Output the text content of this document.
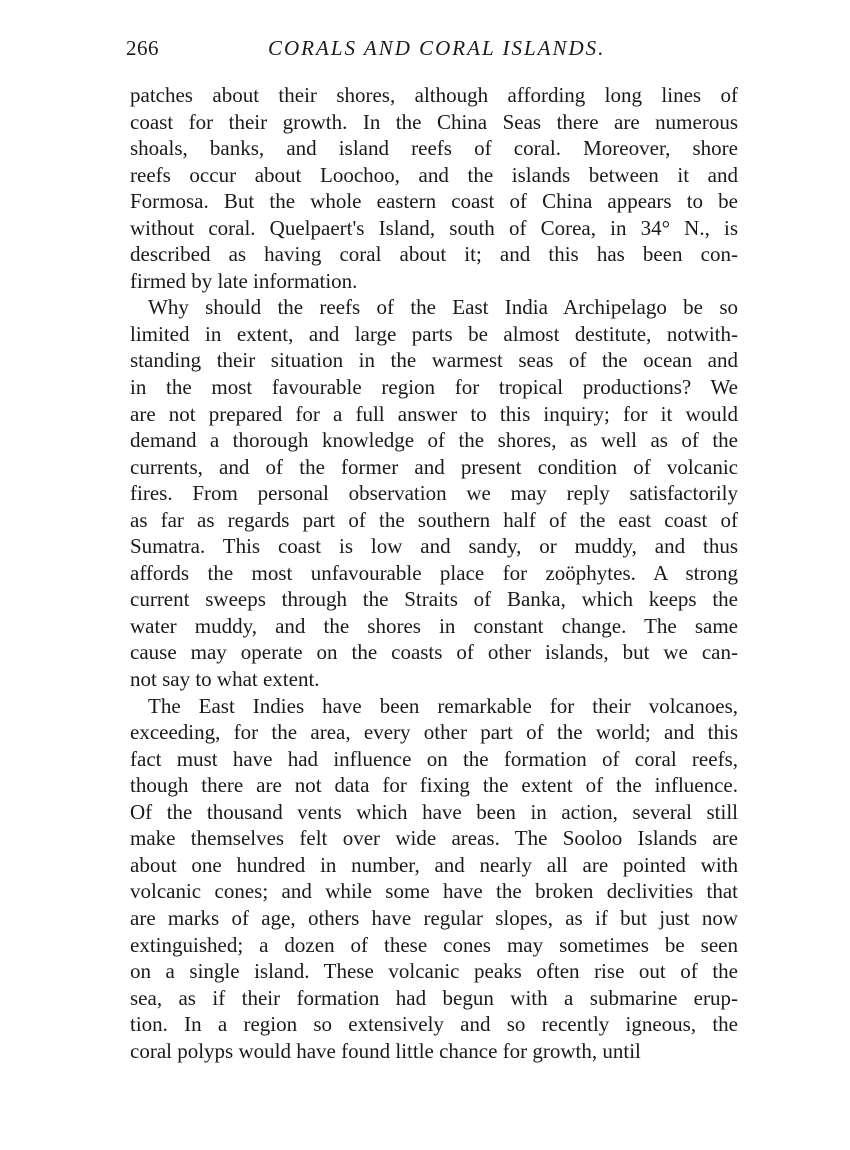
266	CORALS AND CORAL ISLANDS.
patches about their shores, although affording long lines of
coast for their growth. In the China Seas there are numerous
shoals, banks, and island reefs of coral. Moreover, shore
reefs occur about Loochoo, and the islands between it and
Formosa. But the whole eastern coast of China appears to be
without coral. Quelpaert's Island, south of Corea, in 34° N., is
described as having coral about it; and this has been con-
firmed by late information.
Why should the reefs of the East India Archipelago be so
limited in extent, and large parts be almost destitute, notwith-
standing their situation in the warmest seas of the ocean and
in the most favourable region for tropical productions? We
are not prepared for a full answer to this inquiry; for it would
demand a thorough knowledge of the shores, as well as of the
currents, and of the former and present condition of volcanic
fires. From personal observation we may reply satisfactorily
as far as regards part of the southern half of the east coast of
Sumatra. This coast is low and sandy, or muddy, and thus
affords the most unfavourable place for zoöphytes. A strong
current sweeps through the Straits of Banka, which keeps the
water muddy, and the shores in constant change. The same
cause may operate on the coasts of other islands, but we can-
not say to what extent.
The East Indies have been remarkable for their volcanoes,
exceeding, for the area, every other part of the world; and this
fact must have had influence on the formation of coral reefs,
though there are not data for fixing the extent of the influence.
Of the thousand vents which have been in action, several still
make themselves felt over wide areas. The Sooloo Islands are
about one hundred in number, and nearly all are pointed with
volcanic cones; and while some have the broken declivities that
are marks of age, others have regular slopes, as if but just now
extinguished; a dozen of these cones may sometimes be seen
on a single island. These volcanic peaks often rise out of the
sea, as if their formation had begun with a submarine erup-
tion. In a region so extensively and so recently igneous, the
coral polyps would have found little chance for growth, until
